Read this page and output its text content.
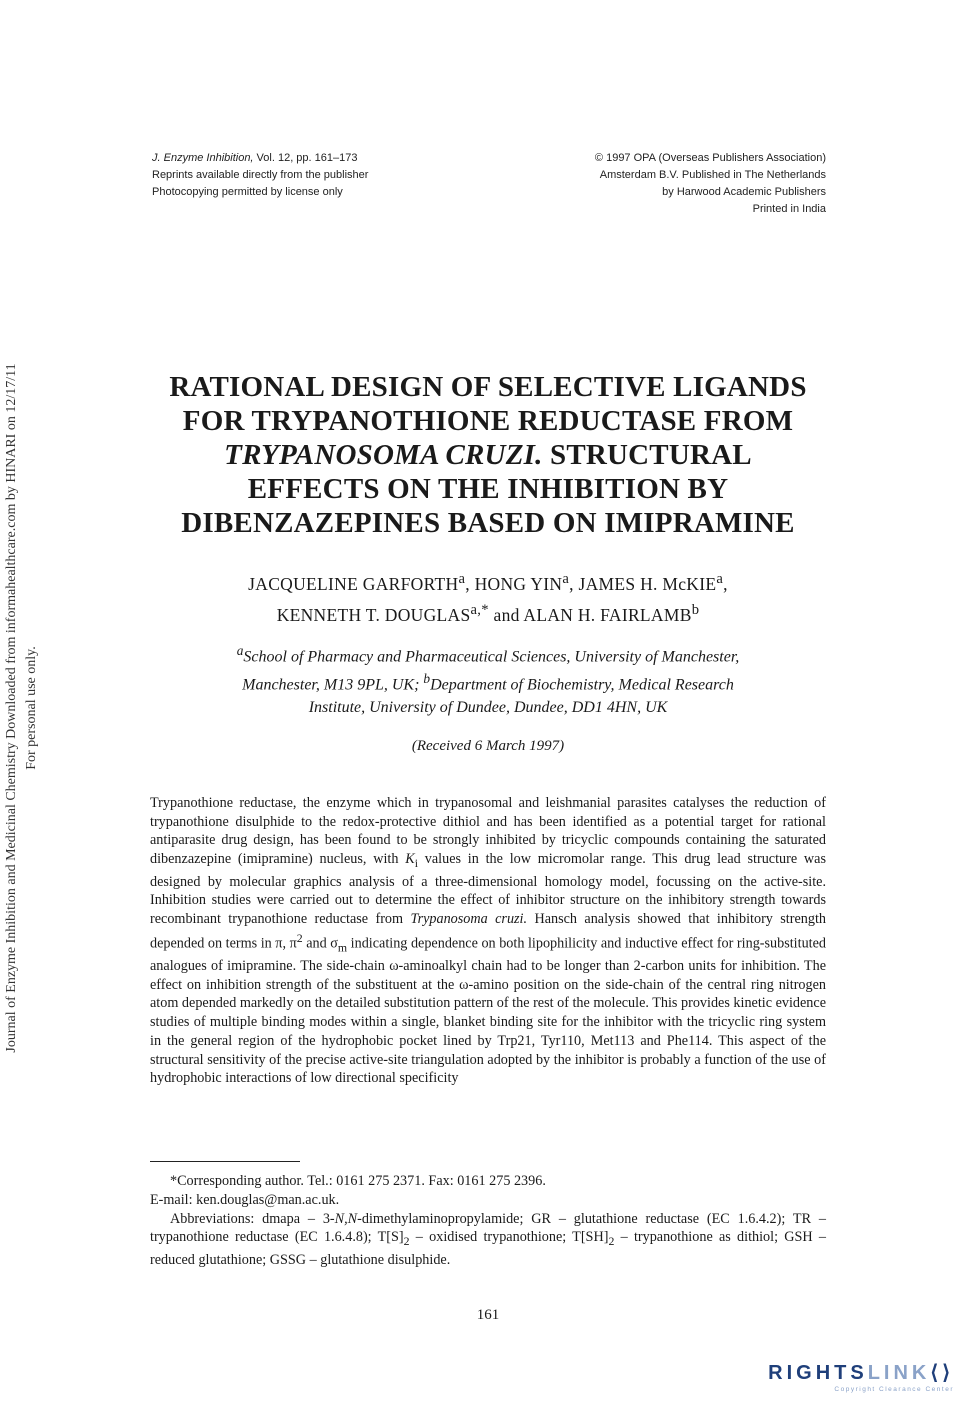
J. Enzyme Inhibition, Vol. 12, pp. 161–173
Reprints available directly from the publisher
Photocopying permitted by license only
© 1997 OPA (Overseas Publishers Association)
Amsterdam B.V. Published in The Netherlands
by Harwood Academic Publishers
Printed in India
Journal of Enzyme Inhibition and Medicinal Chemistry Downloaded from informahealthcare.com by HINARI on 12/17/11 For personal use only.
RATIONAL DESIGN OF SELECTIVE LIGANDS
FOR TRYPANOTHIONE REDUCTASE FROM
TRYPANOSOMA CRUZI. STRUCTURAL
EFFECTS ON THE INHIBITION BY
DIBENZAZEPINES BASED ON IMIPRAMINE
JACQUELINE GARFORTH$^a$, HONG YIN$^a$, JAMES H. McKIE$^a$,
KENNETH T. $DOUGLAS^{a,*}$ and ALAN H. FAIRLAMB$^b$
$^a$School of Pharmacy and Pharmaceutical Sciences, University of Manchester,
Manchester, M13 9PL, UK; $^b$Department of Biochemistry, Medical Research
Institute, University of Dundee, Dundee, DD1 4HN, UK
(Received 6 March 1997)
Trypanothione reductase, the enzyme which in trypanosomal and leishmanial parasites catalyses the reduction of trypanothione disulphide to the redox-protective dithiol and has been identified as a potential target for rational antiparasite drug design, has been found to be strongly inhibited by tricyclic compounds containing the saturated dibenzazepine (imipramine) nucleus, with $K_i$ values in the low micromolar range. This drug lead structure was designed by molecular graphics analysis of a three-dimensional homology model, focussing on the active-site. Inhibition studies were carried out to determine the effect of inhibitor structure on the inhibitory strength towards recombinant trypanothione reductase from Trypanosoma cruzi. Hansch analysis showed that inhibitory strength depended on terms in π, $\pi^2$ and $\sigma_m$ indicating dependence on both lipophilicity and inductive effect for ring-substituted analogues of imipramine. The side-chain ω-aminoalkyl chain had to be longer than 2-carbon units for inhibition. The effect on inhibition strength of the substituent at the ω-amino position on the side-chain of the central ring nitrogen atom depended markedly on the detailed substitution pattern of the rest of the molecule. This provides kinetic evidence studies of multiple binding modes within a single, blanket binding site for the inhibitor with the tricyclic ring system in the general region of the hydrophobic pocket lined by Trp21, Tyr110, Met113 and Phe114. This aspect of the structural sensitivity of the precise active-site triangulation adopted by the inhibitor is probably a function of the use of hydrophobic interactions of low directional specificity

*Corresponding author. Tel.: 0161 275 2371. Fax: 0161 275 2396.

E-mail: ken.douglas@man.ac.uk.

Abbreviations: dmapa – 3-N,N-dimethylaminopropylamide; GR – glutathione reductase (EC 1.6.4.2); TR – trypanothione reductase (EC 1.6.4.8); $T[S]_2$ – oxidised trypanothione; $T[SH]_2$ – trypanothione as dithiol; GSH – reduced glutathione; GSSG – glutathione disulphide.

161
RIGHTSLINK⟨⟩
Copyright Clearance Center
